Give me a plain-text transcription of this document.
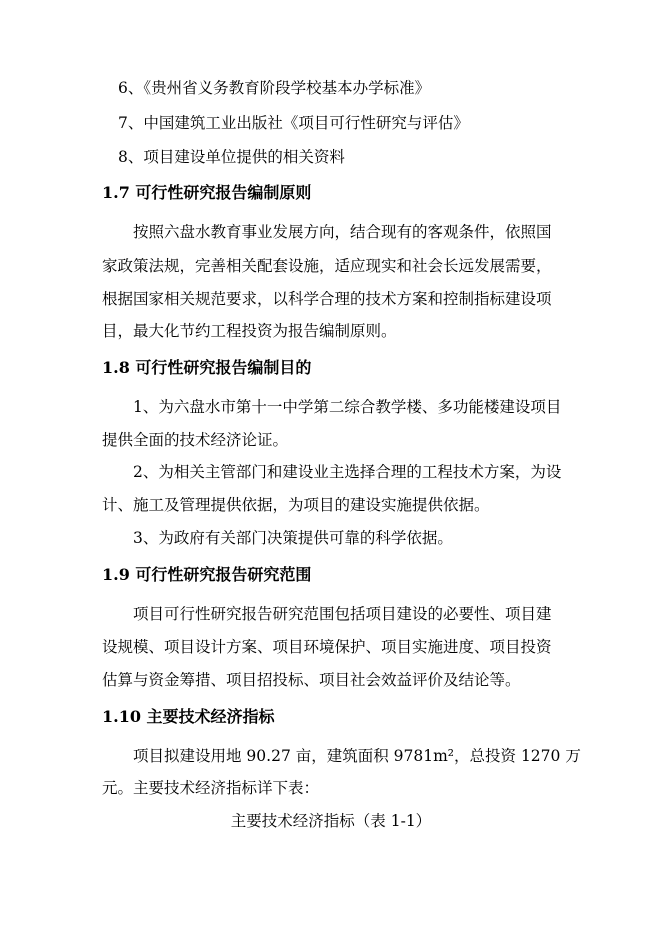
6、《贵州省义务教育阶段学校基本办学标准》
7、中国建筑工业出版社《项目可行性研究与评估》
8、项目建设单位提供的相关资料
1.7 可行性研究报告编制原则
按照六盘水教育事业发展方向，结合现有的客观条件，依照国
家政策法规，完善相关配套设施，适应现实和社会长远发展需要，
根据国家相关规范要求，以科学合理的技术方案和控制指标建设项
目，最大化节约工程投资为报告编制原则。
1.8 可行性研究报告编制目的
1、为六盘水市第十一中学第二综合教学楼、多功能楼建设项目
提供全面的技术经济论证。
2、为相关主管部门和建设业主选择合理的工程技术方案，为设
计、施工及管理提供依据，为项目的建设实施提供依据。
3、为政府有关部门决策提供可靠的科学依据。
1.9 可行性研究报告研究范围
项目可行性研究报告研究范围包括项目建设的必要性、项目建
设规模、项目设计方案、项目环境保护、项目实施进度、项目投资
估算与资金筹措、项目招投标、项目社会效益评价及结论等。
1.10 主要技术经济指标
项目拟建设用地 90.27 亩，建筑面积 9781m²，总投资 1270 万
元。主要技术经济指标详下表：
主要技术经济指标（表 1-1）
